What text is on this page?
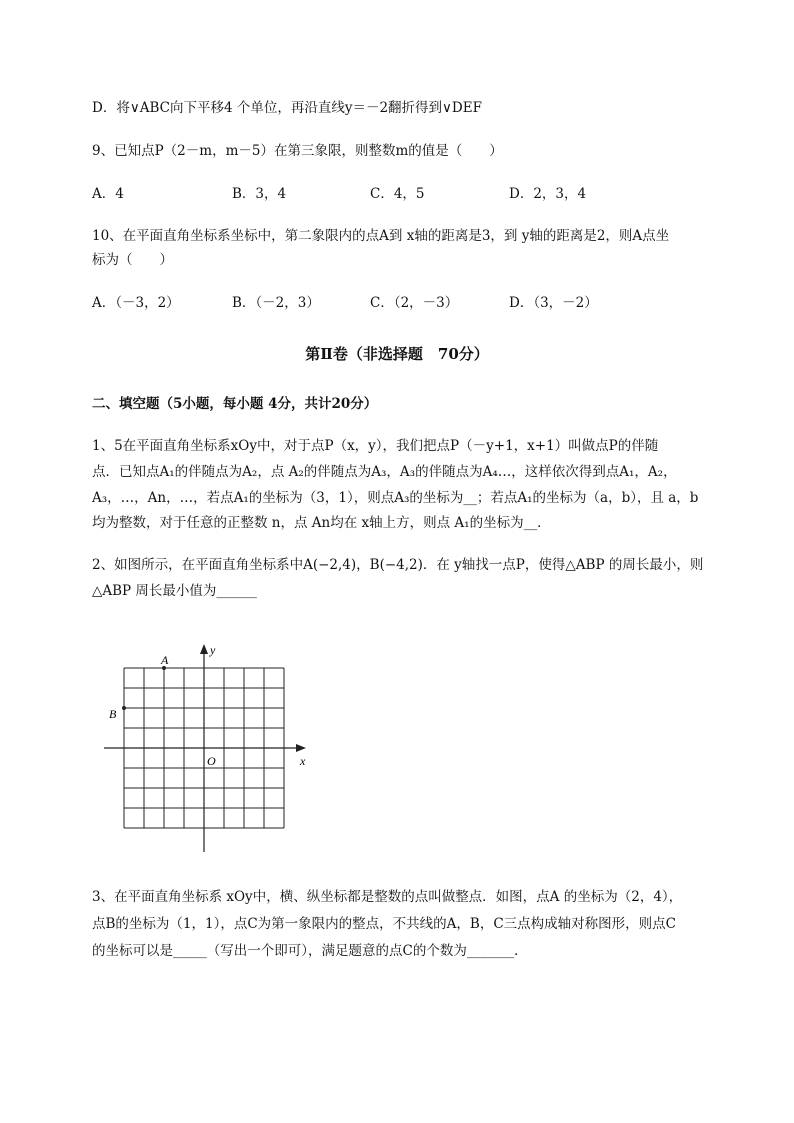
D．将∨ABC向下平移4 个单位，再沿直线y＝－2翻折得到∨DEF
9、已知点P（2－m，m－5）在第三象限，则整数m的值是（　　）
A．4	B．3，4	C．4，5	D．2，3，4
10、在平面直角坐标系坐标中，第二象限内的点A到 x轴的距离是3，到 y轴的距离是2，则A点坐
标为（　　）
A．（－3，2）	B．（－2，3）	C．（2，－3）	D．（3，－2）
第Ⅱ卷（非选择题　70分）
二、填空题（5小题，每小题 4分，共计20分）
1、5在平面直角坐标系xOy中，对于点P（x，y），我们把点P（－y+1，x+1）叫做点P的伴随
点．已知点A₁的伴随点为A₂，点 A₂的伴随点为A₃，A₃的伴随点为A₄…，这样依次得到点A₁，A₂，
A₃，…，An，…，若点A₁的坐标为（3，1），则点A₃的坐标为__；若点A₁的坐标为（a，b），且 a，b
均为整数，对于任意的正整数 n，点 An均在 x轴上方，则点 A₁的坐标为__．
2、如图所示，在平面直角坐标系中A(−2,4)，B(−4,2)．在 y轴找一点P，使得△ABP 的周长最小，则
△ABP 周长最小值为______
A
B
O	x
y
3、在平面直角坐标系 xOy中，横、纵坐标都是整数的点叫做整点．如图，点A 的坐标为（2，4），
点B的坐标为（1，1），点C为第一象限内的整点，不共线的A，B，C三点构成轴对称图形，则点C
的坐标可以是_____（写出一个即可），满足题意的点C的个数为_______．
